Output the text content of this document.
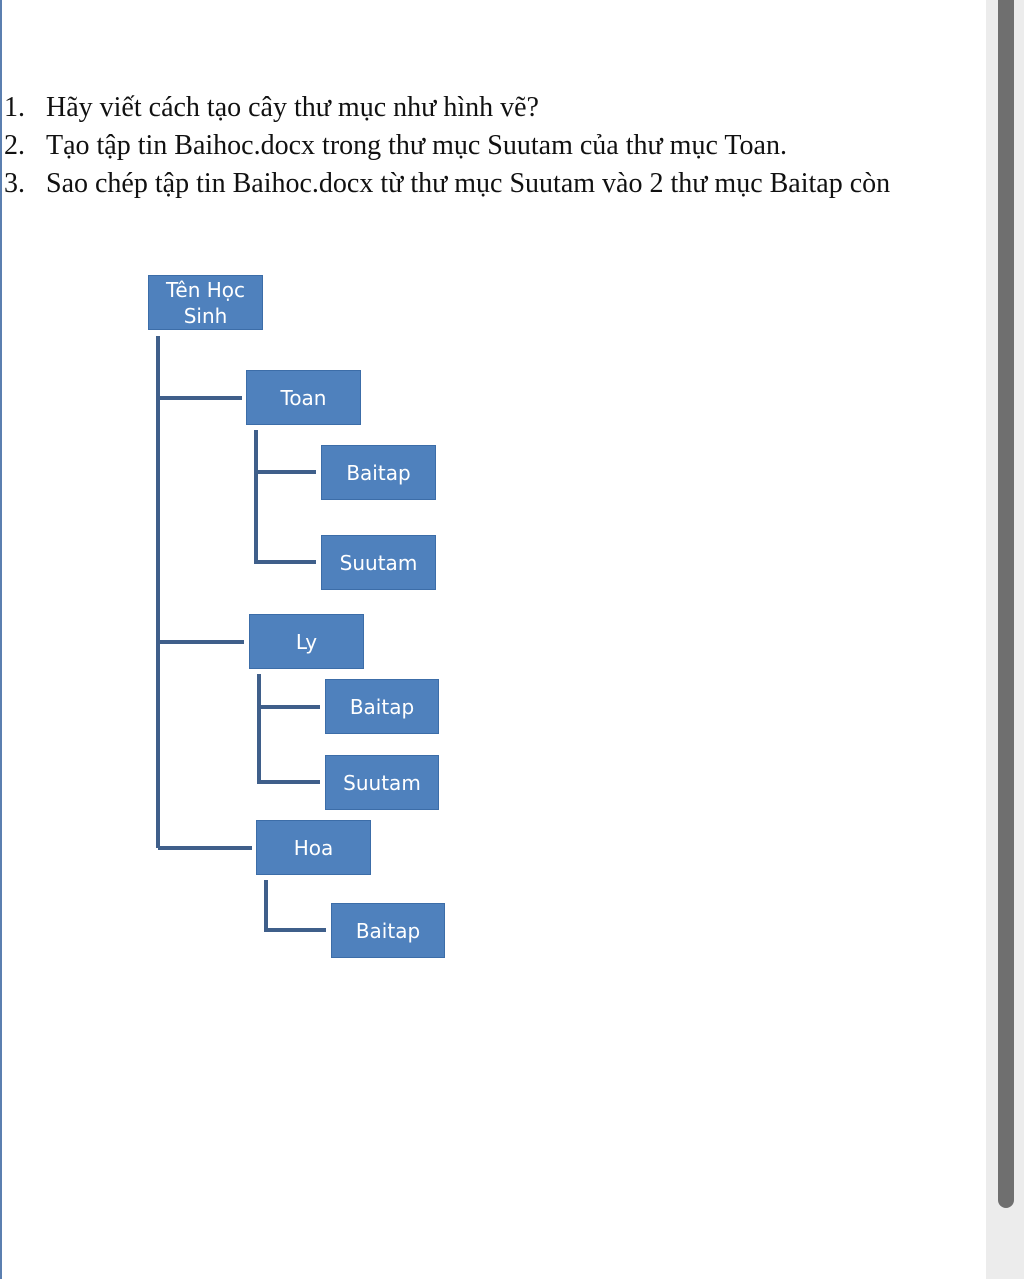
1. Hãy viết cách tạo cây thư mục như hình vẽ?
2. Tạo tập tin Baihoc.docx trong thư mục Suutam của thư mục Toan.
3. Sao chép tập tin Baihoc.docx từ thư mục Suutam vào 2 thư mục Baitap còn
Tên Học Sinh
Toan
Baitap
Suutam
Ly
Baitap
Suutam
Hoa
Baitap
